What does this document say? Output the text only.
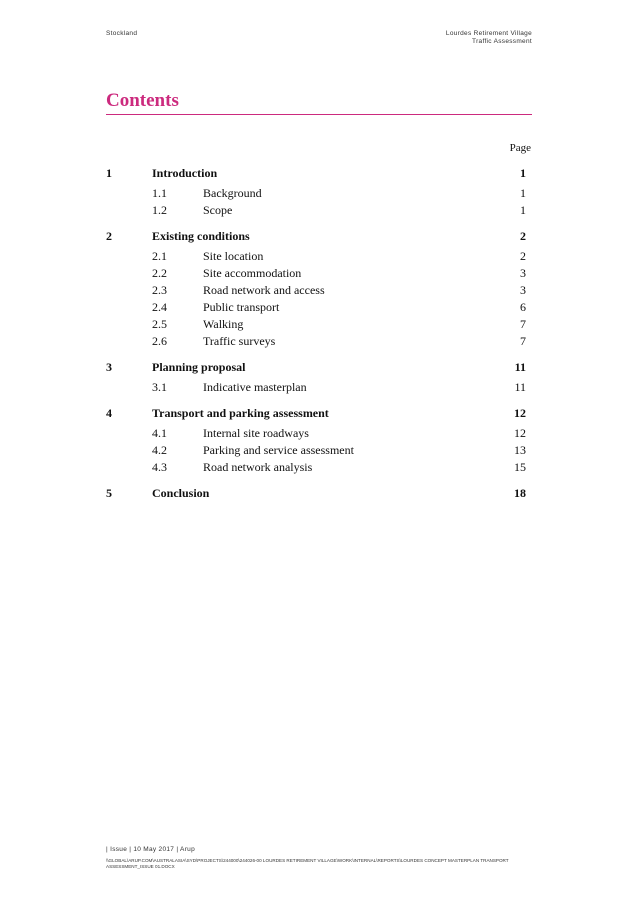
Stockland	Lourdes Retirement Village
Traffic Assessment
Contents
Page
1	Introduction	1
1.1	Background	1
1.2	Scope	1
2	Existing conditions	2
2.1	Site location	2
2.2	Site accommodation	3
2.3	Road network and access	3
2.4	Public transport	6
2.5	Walking	7
2.6	Traffic surveys	7
3	Planning proposal	11
3.1	Indicative masterplan	11
4	Transport and parking assessment	12
4.1	Internal site roadways	12
4.2	Parking and service assessment	13
4.3	Road network analysis	15
5	Conclusion	18
| Issue | 10 May 2017 | Arup
\\GLOBAL\ARUP.COM\AUSTRALASIA\SYD\PROJECTS\244000\244026-00 LOURDES RETIREMENT VILLAGE\WORK\INTERNAL\REPORTS\LOURDES CONCEPT MASTERPLAN TRANSPORT ASSESSMENT_ISSUE 01.DOCX
